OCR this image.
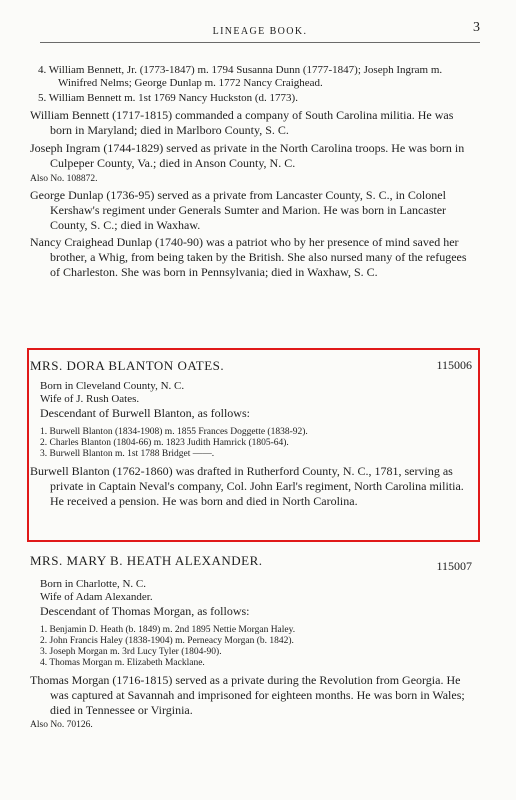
LINEAGE BOOK.	3
4. William Bennett, Jr. (1773-1847) m. 1794 Susanna Dunn (1777-1847); Joseph Ingram m. Winifred Nelms; George Dunlap m. 1772 Nancy Craighead.
5. William Bennett m. 1st 1769 Nancy Huckston (d. 1773).
William Bennett (1717-1815) commanded a company of South Carolina militia. He was born in Maryland; died in Marlboro County, S. C.
Joseph Ingram (1744-1829) served as private in the North Carolina troops. He was born in Culpeper County, Va.; died in Anson County, N. C.
Also No. 108872.
George Dunlap (1736-95) served as a private from Lancaster County, S. C., in Colonel Kershaw's regiment under Generals Sumter and Marion. He was born in Lancaster County, S. C.; died in Waxhaw.
Nancy Craighead Dunlap (1740-90) was a patriot who by her presence of mind saved her brother, a Whig, from being taken by the British. She also nursed many of the refugees of Charleston. She was born in Pennsylvania; died in Waxhaw, S. C.
MRS. DORA BLANTON OATES.	115006
Born in Cleveland County, N. C.
Wife of J. Rush Oates.
Descendant of Burwell Blanton, as follows:
1. Burwell Blanton (1834-1908) m. 1855 Frances Doggette (1838-92).
2. Charles Blanton (1804-66) m. 1823 Judith Hamrick (1805-64).
3. Burwell Blanton m. 1st 1788 Bridget ——.
Burwell Blanton (1762-1860) was drafted in Rutherford County, N. C., 1781, serving as private in Captain Neval's company, Col. John Earl's regiment, North Carolina militia. He received a pension. He was born and died in North Carolina.
MRS. MARY B. HEATH ALEXANDER.	115007
Born in Charlotte, N. C.
Wife of Adam Alexander.
Descendant of Thomas Morgan, as follows:
1. Benjamin D. Heath (b. 1849) m. 2nd 1895 Nettie Morgan Haley.
2. John Francis Haley (1838-1904) m. Perneacy Morgan (b. 1842).
3. Joseph Morgan m. 3rd Lucy Tyler (1804-90).
4. Thomas Morgan m. Elizabeth Macklane.
Thomas Morgan (1716-1815) served as a private during the Revolution from Georgia. He was captured at Savannah and imprisoned for eighteen months. He was born in Wales; died in Tennessee or Virginia.
Also No. 70126.
